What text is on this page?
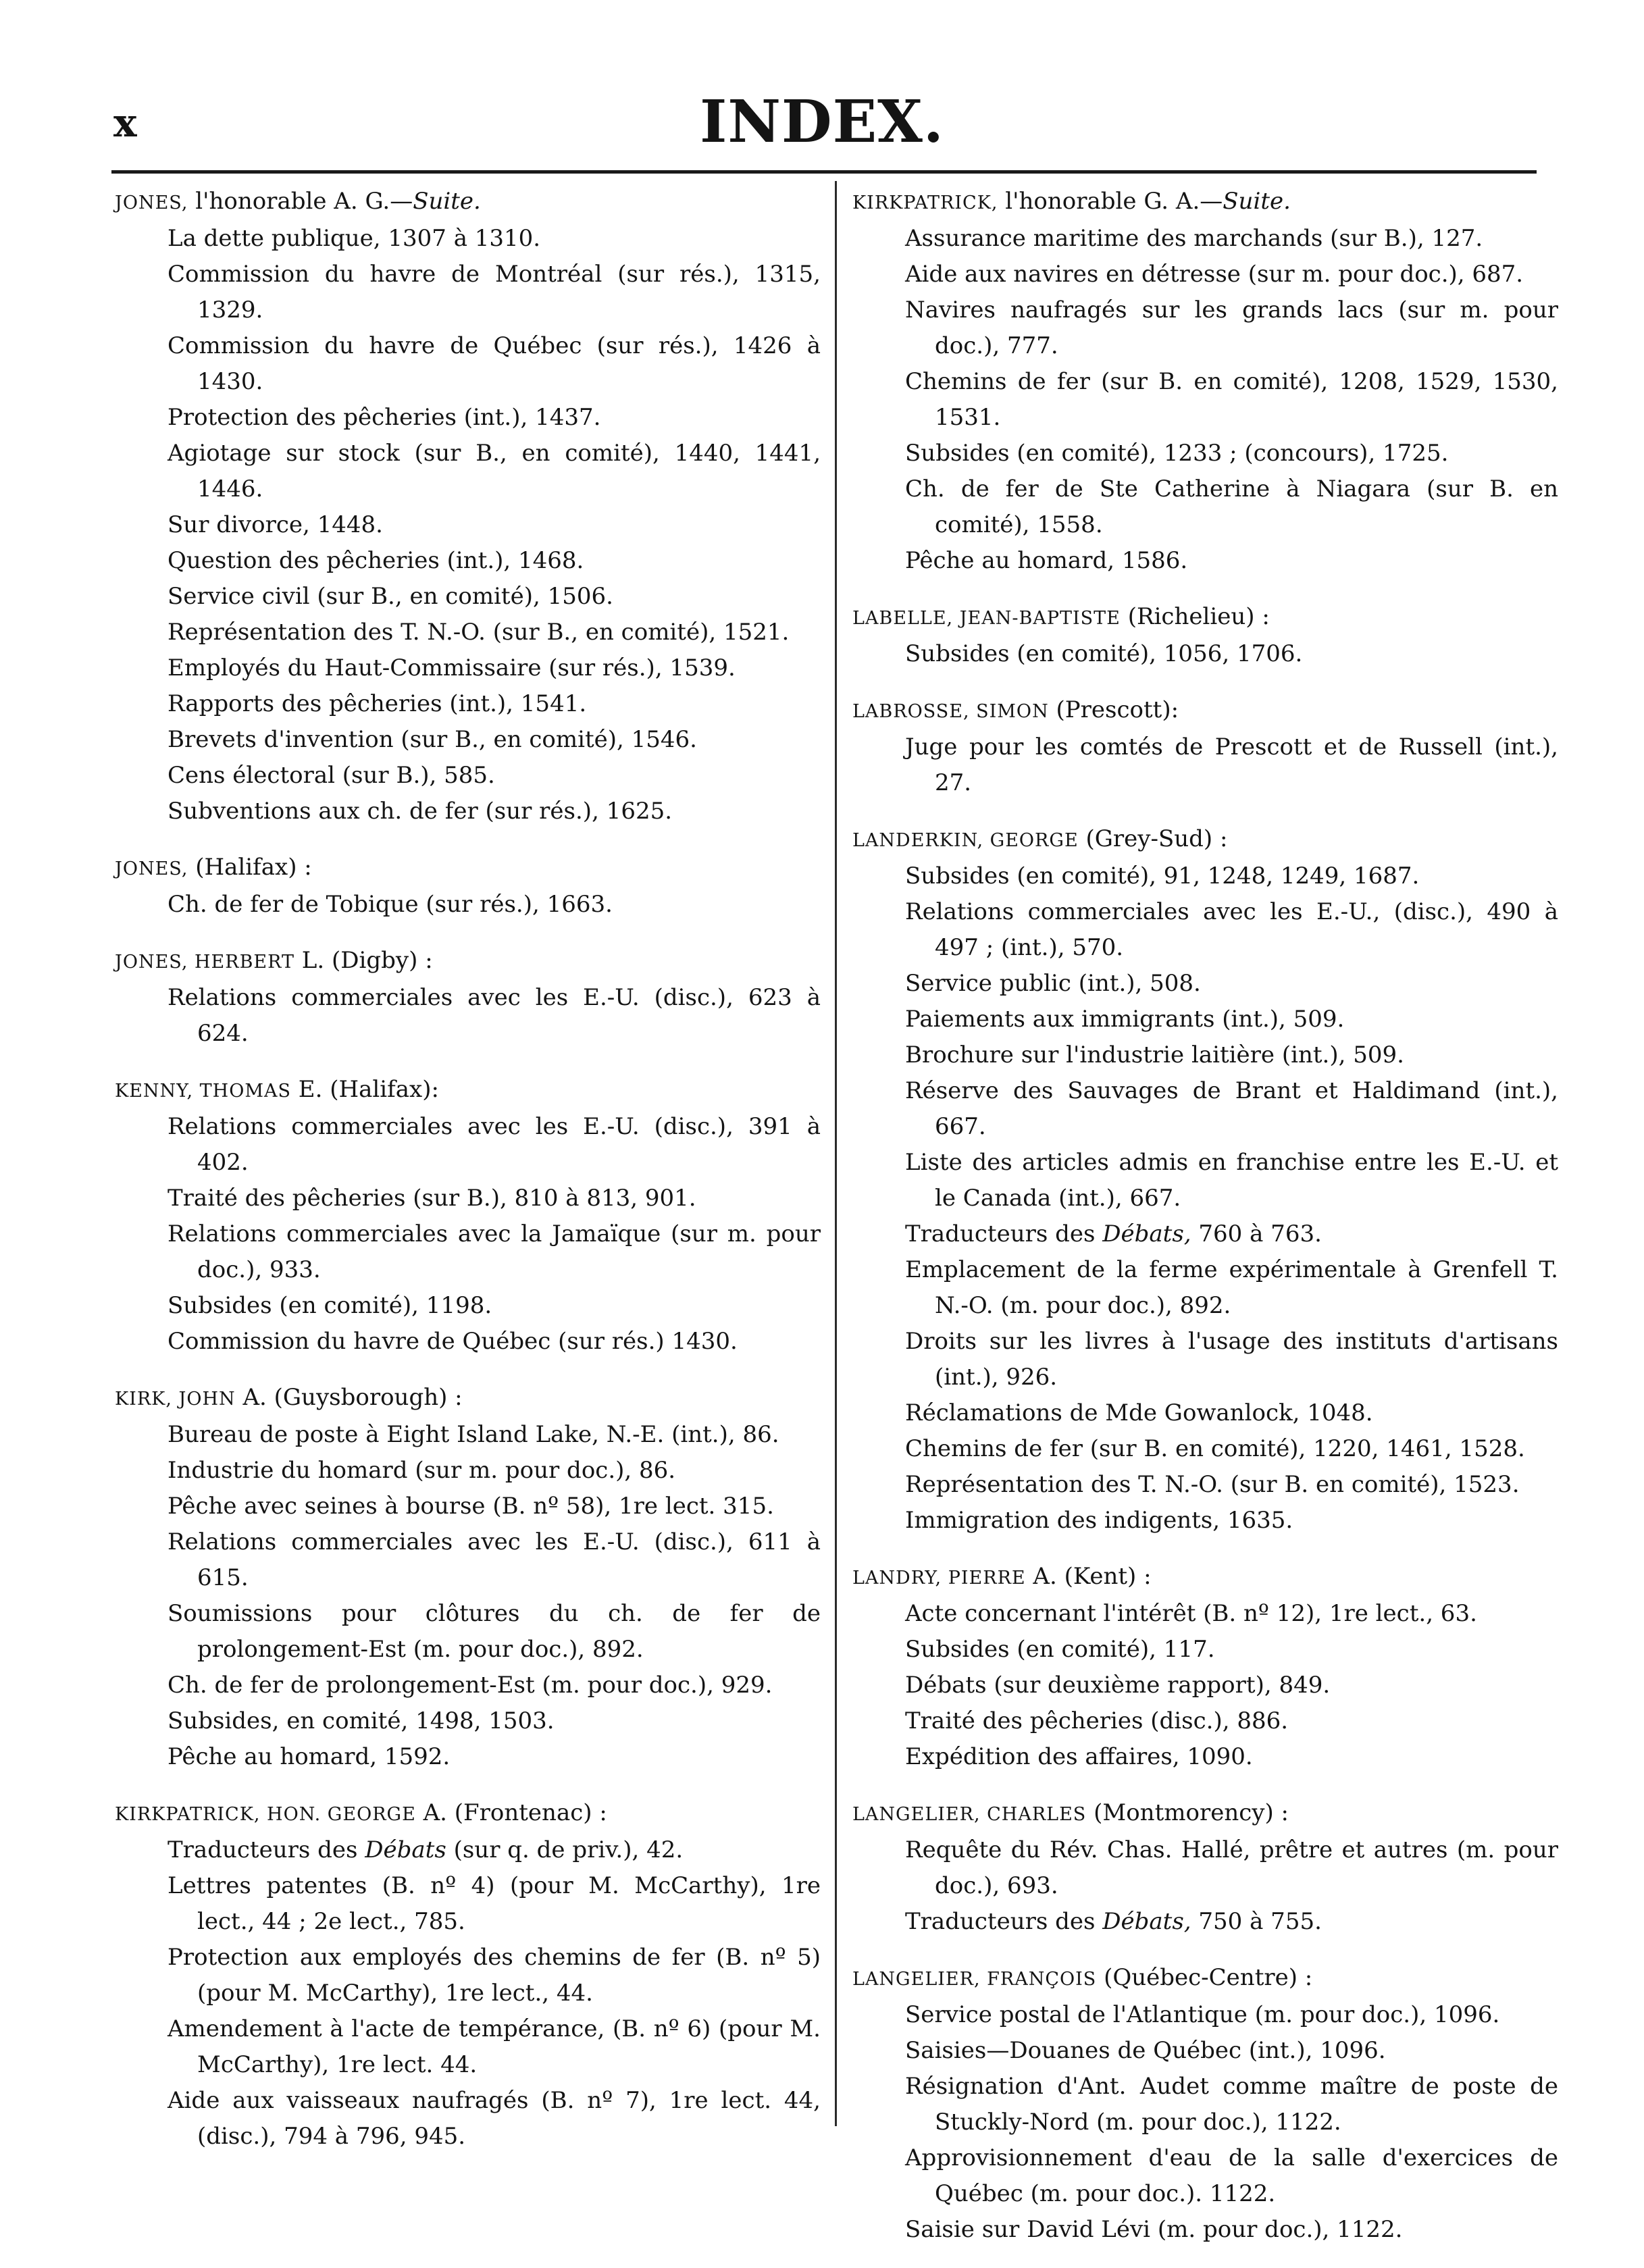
x	INDEX.
JONES, l'honorable A. G.—Suite.
La dette publique, 1307 à 1310.
Commission du havre de Montréal (sur rés.), 1315, 1329.
Commission du havre de Québec (sur rés.), 1426 à 1430.
Protection des pêcheries (int.), 1437.
Agiotage sur stock (sur B., en comité), 1440, 1441, 1446.
Sur divorce, 1448.
Question des pêcheries (int.), 1468.
Service civil (sur B., en comité), 1506.
Représentation des T. N.-O. (sur B., en comité), 1521.
Employés du Haut-Commissaire (sur rés.), 1539.
Rapports des pêcheries (int.), 1541.
Brevets d'invention (sur B., en comité), 1546.
Cens électoral (sur B.), 585.
Subventions aux ch. de fer (sur rés.), 1625.
JONES, (Halifax) :
Ch. de fer de Tobique (sur rés.), 1663.
JONES, HERBERT L. (Digby) :
Relations commerciales avec les E.-U. (disc.), 623 à 624.
KENNY, THOMAS E. (Halifax):
Relations commerciales avec les E.-U. (disc.), 391 à 402.
Traité des pêcheries (sur B.), 810 à 813, 901.
Relations commerciales avec la Jamaïque (sur m. pour doc.), 933.
Subsides (en comité), 1198.
Commission du havre de Québec (sur rés.) 1430.
KIRK, JOHN A. (Guysborough) :
Bureau de poste à Eight Island Lake, N.-E. (int.), 86.
Industrie du homard (sur m. pour doc.), 86.
Pêche avec seines à bourse (B. nº 58), 1re lect. 315.
Relations commerciales avec les E.-U. (disc.), 611 à 615.
Soumissions pour clôtures du ch. de fer de prolongement-Est (m. pour doc.), 892.
Ch. de fer de prolongement-Est (m. pour doc.), 929.
Subsides, en comité, 1498, 1503.
Pêche au homard, 1592.
KIRKPATRICK, HON. GEORGE A. (Frontenac) :
Traducteurs des Débats (sur q. de priv.), 42.
Lettres patentes (B. nº 4) (pour M. McCarthy), 1re lect., 44 ; 2e lect., 785.
Protection aux employés des chemins de fer (B. nº 5) (pour M. McCarthy), 1re lect., 44.
Amendement à l'acte de tempérance, (B. nº 6) (pour M. McCarthy), 1re lect. 44.
Aide aux vaisseaux naufragés (B. nº 7), 1re lect. 44, (disc.), 794 à 796, 945.
KIRKPATRICK, l'honorable G. A.—Suite.
Assurance maritime des marchands (sur B.), 127.
Aide aux navires en détresse (sur m. pour doc.), 687.
Navires naufragés sur les grands lacs (sur m. pour doc.), 777.
Chemins de fer (sur B. en comité), 1208, 1529, 1530, 1531.
Subsides (en comité), 1233 ; (concours), 1725.
Ch. de fer de Ste Catherine à Niagara (sur B. en comité), 1558.
Pêche au homard, 1586.
LABELLE, JEAN-BAPTISTE (Richelieu) :
Subsides (en comité), 1056, 1706.
LABROSSE, SIMON (Prescott):
Juge pour les comtés de Prescott et de Russell (int.), 27.
LANDERKIN, GEORGE (Grey-Sud) :
Subsides (en comité), 91, 1248, 1249, 1687.
Relations commerciales avec les E.-U., (disc.), 490 à 497 ; (int.), 570.
Service public (int.), 508.
Paiements aux immigrants (int.), 509.
Brochure sur l'industrie laitière (int.), 509.
Réserve des Sauvages de Brant et Haldimand (int.), 667.
Liste des articles admis en franchise entre les E.-U. et le Canada (int.), 667.
Traducteurs des Débats, 760 à 763.
Emplacement de la ferme expérimentale à Grenfell T. N.-O. (m. pour doc.), 892.
Droits sur les livres à l'usage des instituts d'artisans (int.), 926.
Réclamations de Mde Gowanlock, 1048.
Chemins de fer (sur B. en comité), 1220, 1461, 1528.
Représentation des T. N.-O. (sur B. en comité), 1523.
Immigration des indigents, 1635.
LANDRY, PIERRE A. (Kent) :
Acte concernant l'intérêt (B. nº 12), 1re lect., 63.
Subsides (en comité), 117.
Débats (sur deuxième rapport), 849.
Traité des pêcheries (disc.), 886.
Expédition des affaires, 1090.
LANGELIER, CHARLES (Montmorency) :
Requête du Rév. Chas. Hallé, prêtre et autres (m. pour doc.), 693.
Traducteurs des Débats, 750 à 755.
LANGELIER, FRANÇOIS (Québec-Centre) :
Service postal de l'Atlantique (m. pour doc.), 1096.
Saisies—Douanes de Québec (int.), 1096.
Résignation d'Ant. Audet comme maître de poste de Stuckly-Nord (m. pour doc.), 1122.
Approvisionnement d'eau de la salle d'exercices de Québec (m. pour doc.). 1122.
Saisie sur David Lévi (m. pour doc.), 1122.
